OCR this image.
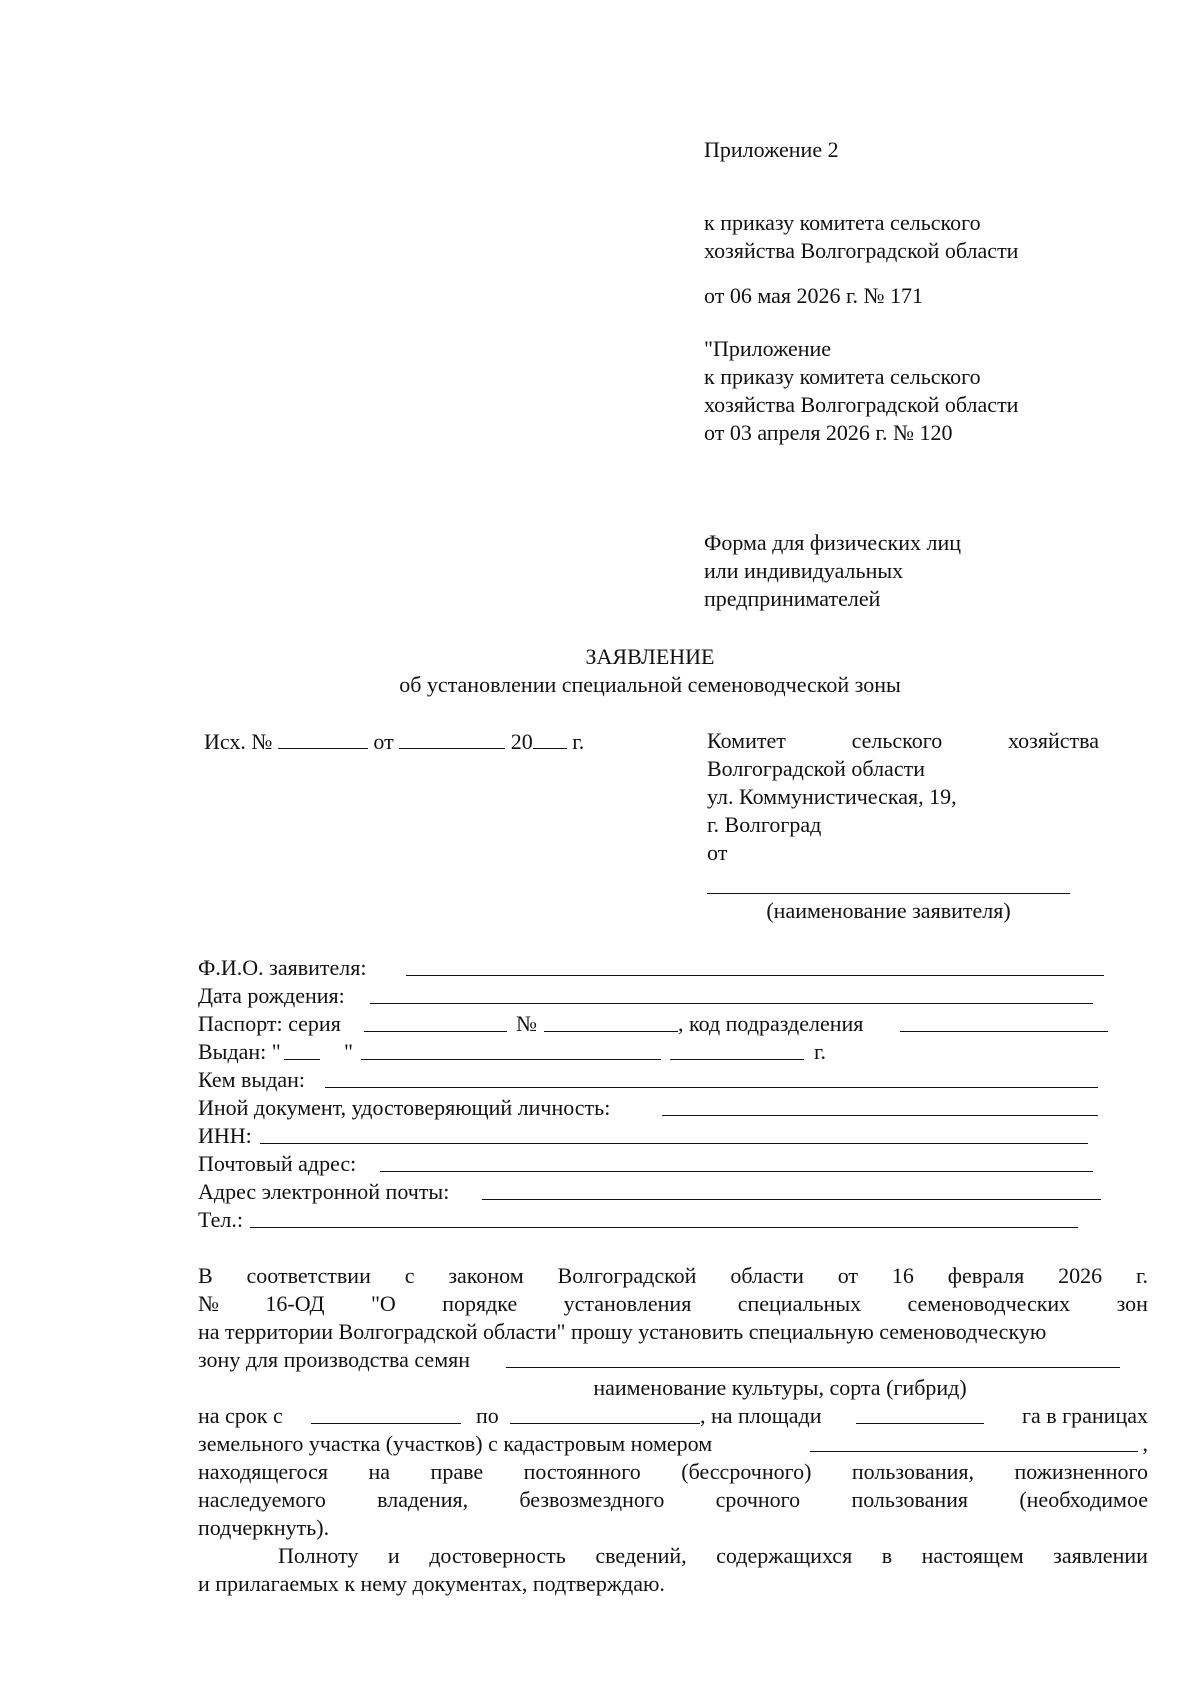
Приложение 2
к приказу комитета сельского
хозяйства Волгоградской области
от 06 мая 2026 г. № 171
"Приложение
к приказу комитета сельского
хозяйства Волгоградской области
от 03 апреля 2026 г. № 120
Форма для физических лиц
или индивидуальных
предпринимателей
ЗАЯВЛЕНИЕ
об установлении специальной семеноводческой зоны
Исх. №	от	20 г.	Комитет	сельского	хозяйства
Волгоградской области
ул. Коммунистическая, 19,
г. Волгоград
от
(наименование заявителя)
Ф.И.О. заявителя:
Дата рождения:
Паспорт: серия	№	, код подразделения
Выдан: "	"	г.
Кем выдан:
Иной документ, удостоверяющий личность:
ИНН:
Почтовый адрес:
Адрес электронной почты:
Тел.:
В соответствии с законом Волгоградской области от 16 февраля 2026 г.
№ 16-ОД "О порядке установления специальных семеноводческих зон
на территории Волгоградской области" прошу установить специальную семеноводческую
зону для производства семян
наименование культуры, сорта (гибрид)
на срок с	по	, на площади	га в границах
земельного участка (участков) с кадастровым номером	,
находящегося на праве постоянного (бессрочного) пользования, пожизненного
наследуемого владения, безвозмездного срочного пользования (необходимое
подчеркнуть).
Полноту и достоверность сведений, содержащихся в настоящем заявлении
и прилагаемых к нему документах, подтверждаю.
